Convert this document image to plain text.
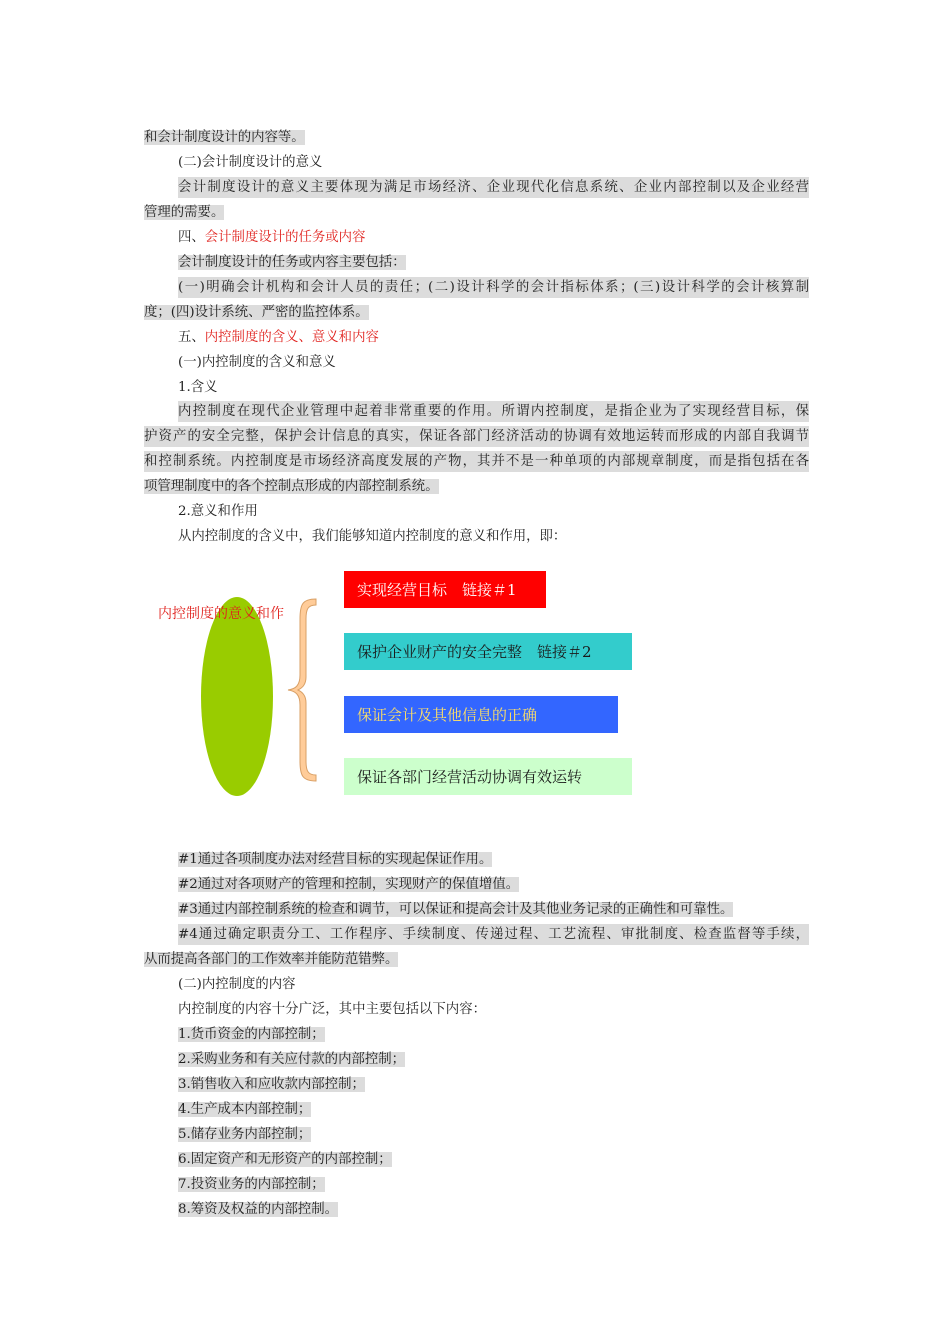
和会计制度设计的内容等。
(二)会计制度设计的意义
会计制度设计的意义主要体现为满足市场经济、企业现代化信息系统、企业内部控制以及企业经营
管理的需要。
四、会计制度设计的任务或内容
会计制度设计的任务或内容主要包括：
(一)明确会计机构和会计人员的责任；(二)设计科学的会计指标体系；(三)设计科学的会计核算制
度；(四)设计系统、严密的监控体系。
五、内控制度的含义、意义和内容
(一)内控制度的含义和意义
1.含义
内控制度在现代企业管理中起着非常重要的作用。所谓内控制度，是指企业为了实现经营目标，保
护资产的安全完整，保护会计信息的真实，保证各部门经济活动的协调有效地运转而形成的内部自我调节
和控制系统。内控制度是市场经济高度发展的产物，其并不是一种单项的内部规章制度，而是指包括在各
项管理制度中的各个控制点形成的内部控制系统。
2.意义和作用
从内控制度的含义中，我们能够知道内控制度的意义和作用，即：
内控制度的意义和作
实现经营目标　链接＃1
保护企业财产的安全完整　链接＃2
保证会计及其他信息的正确
保证各部门经营活动协调有效运转
#1通过各项制度办法对经营目标的实现起保证作用。
#2通过对各项财产的管理和控制，实现财产的保值增值。
#3通过内部控制系统的检查和调节，可以保证和提高会计及其他业务记录的正确性和可靠性。
#4通过确定职责分工、工作程序、手续制度、传递过程、工艺流程、审批制度、检查监督等手续，
从而提高各部门的工作效率并能防范错弊。
(二)内控制度的内容
内控制度的内容十分广泛，其中主要包括以下内容：
1.货币资金的内部控制；
2.采购业务和有关应付款的内部控制；
3.销售收入和应收款内部控制；
4.生产成本内部控制；
5.储存业务内部控制；
6.固定资产和无形资产的内部控制；
7.投资业务的内部控制；
8.筹资及权益的内部控制。
